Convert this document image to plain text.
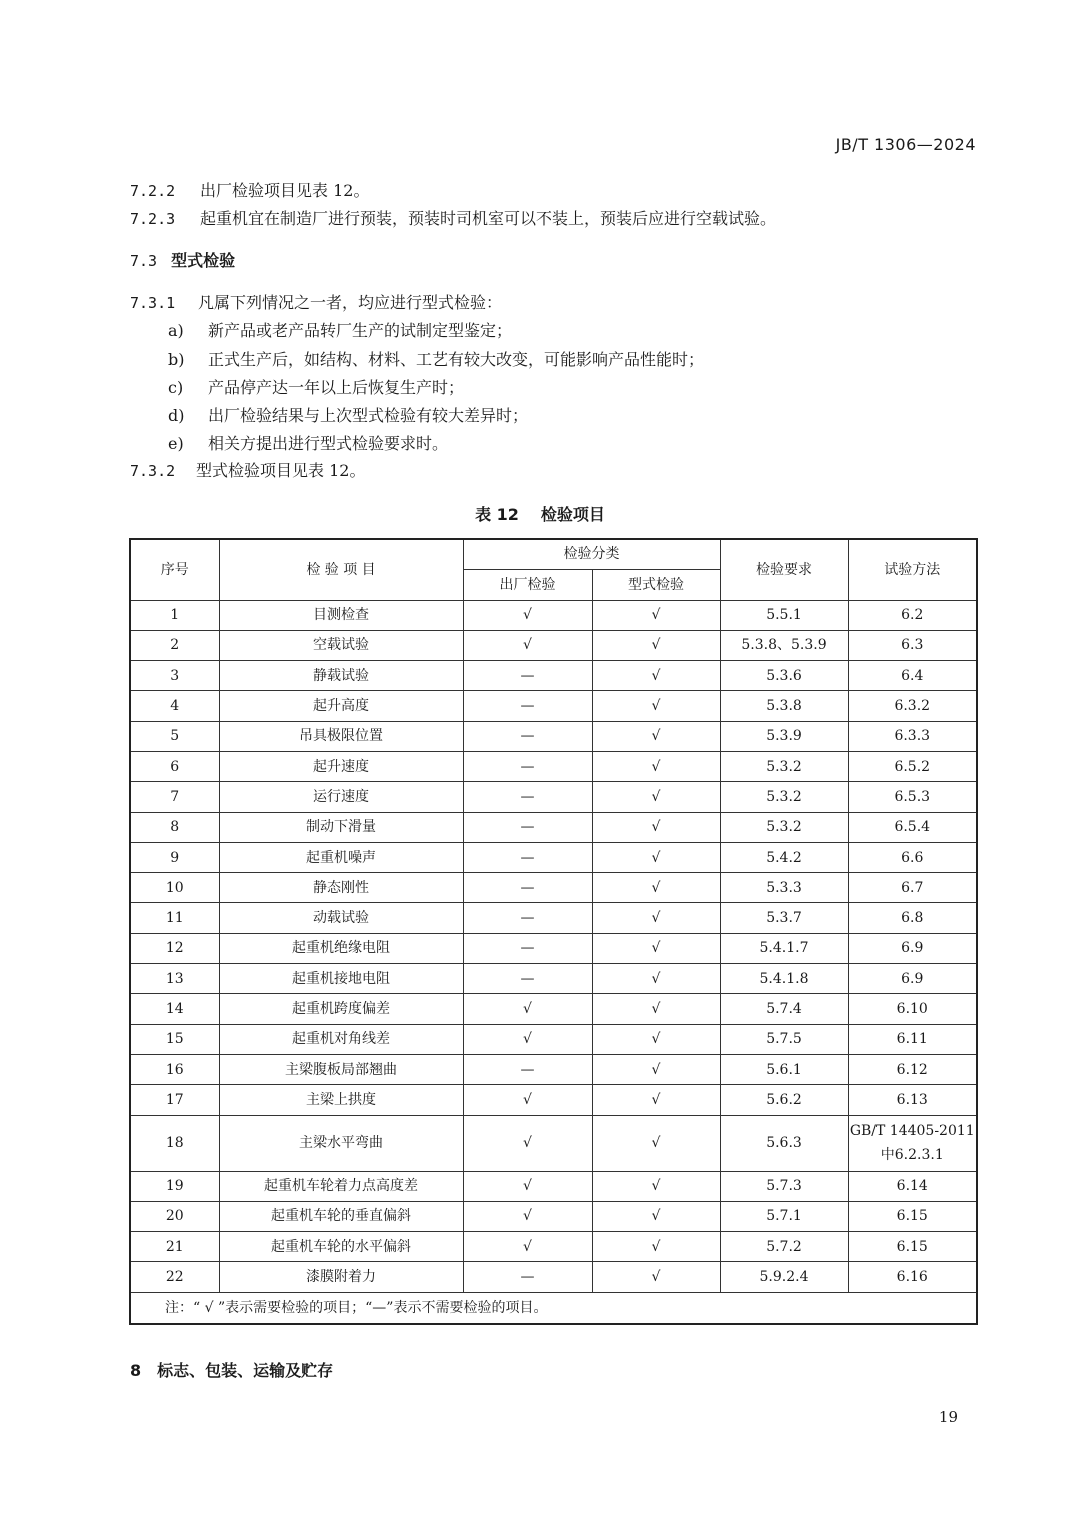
JB/T 1306—2024
7.2.2 出厂检验项目见表 12。
7.2.3 起重机宜在制造厂进行预装，预装时司机室可以不装上，预装后应进行空载试验。
7.3 型式检验
7.3.1 凡属下列情况之一者，均应进行型式检验：
a) 新产品或老产品转厂生产的试制定型鉴定；
b) 正式生产后，如结构、材料、工艺有较大改变，可能影响产品性能时；
c) 产品停产达一年以上后恢复生产时；
d) 出厂检验结果与上次型式检验有较大差异时；
e) 相关方提出进行型式检验要求时。
7.3.2 型式检验项目见表 12。
表 12 检验项目
序号	检 验 项 目	检验分类		检验要求	试验方法
		出厂检验	型式检验		
1	目测检查	√	√	5.5.1	6.2
2	空载试验	√	√	5.3.8、5.3.9	6.3
3	静载试验	—	√	5.3.6	6.4
4	起升高度	—	√	5.3.8	6.3.2
5	吊具极限位置	—	√	5.3.9	6.3.3
6	起升速度	—	√	5.3.2	6.5.2
7	运行速度	—	√	5.3.2	6.5.3
8	制动下滑量	—	√	5.3.2	6.5.4
9	起重机噪声	—	√	5.4.2	6.6
10	静态刚性	—	√	5.3.3	6.7
11	动载试验	—	√	5.3.7	6.8
12	起重机绝缘电阻	—	√	5.4.1.7	6.9
13	起重机接地电阻	—	√	5.4.1.8	6.9
14	起重机跨度偏差	√	√	5.7.4	6.10
15	起重机对角线差	√	√	5.7.5	6.11
16	主梁腹板局部翘曲	—	√	5.6.1	6.12
17	主梁上拱度	√	√	5.6.2	6.13
18	主梁水平弯曲	√	√	5.6.3	GB/T 14405-2011
中6.2.3.1

19	起重机车轮着力点高度差	√	√	5.7.3	6.14
20	起重机车轮的垂直偏斜	√	√	5.7.1	6.15
21	起重机车轮的水平偏斜	√	√	5.7.2	6.15
22	漆膜附着力	—	√	5.9.2.4	6.16
注：“ √ ”表示需要检验的项目；“—”表示不需要检验的项目。					
8 标志、包装、运输及贮存
19
